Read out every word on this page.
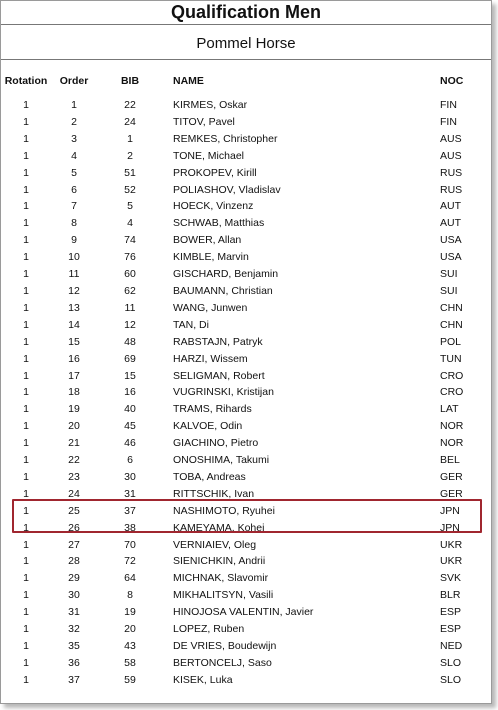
Qualification Men
Pommel Horse
Rotation	Order	BIB	NAME	NOC
1	1	22	KIRMES, Oskar	FIN
1	2	24	TITOV, Pavel	FIN
1	3	1	REMKES, Christopher	AUS
1	4	2	TONE, Michael	AUS
1	5	51	PROKOPEV, Kirill	RUS
1	6	52	POLIASHOV, Vladislav	RUS
1	7	5	HOECK, Vinzenz	AUT
1	8	4	SCHWAB, Matthias	AUT
1	9	74	BOWER, Allan	USA
1	10	76	KIMBLE, Marvin	USA
1	11	60	GISCHARD, Benjamin	SUI
1	12	62	BAUMANN, Christian	SUI
1	13	11	WANG, Junwen	CHN
1	14	12	TAN, Di	CHN
1	15	48	RABSTAJN, Patryk	POL
1	16	69	HARZI, Wissem	TUN
1	17	15	SELIGMAN, Robert	CRO
1	18	16	VUGRINSKI, Kristijan	CRO
1	19	40	TRAMS, Rihards	LAT
1	20	45	KALVOE, Odin	NOR
1	21	46	GIACHINO, Pietro	NOR
1	22	6	ONOSHIMA, Takumi	BEL
1	23	30	TOBA, Andreas	GER
1	24	31	RITTSCHIK, Ivan	GER
1	25	37	NASHIMOTO, Ryuhei	JPN
1	26	38	KAMEYAMA, Kohei	JPN
1	27	70	VERNIAIEV, Oleg	UKR
1	28	72	SIENICHKIN, Andrii	UKR
1	29	64	MICHNAK, Slavomir	SVK
1	30	8	MIKHALITSYN, Vasili	BLR
1	31	19	HINOJOSA VALENTIN, Javier	ESP
1	32	20	LOPEZ, Ruben	ESP
1	35	43	DE VRIES, Boudewijn	NED
1	36	58	BERTONCELJ, Saso	SLO
1	37	59	KISEK, Luka	SLO
